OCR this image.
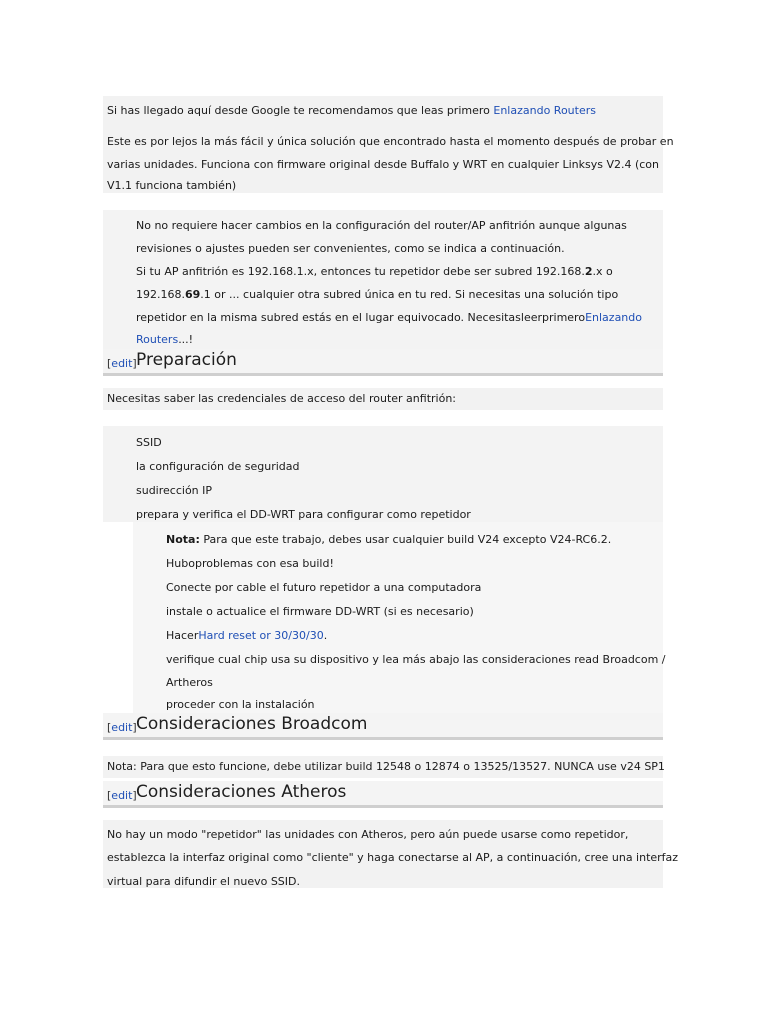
Si has llegado aquí desde Google te recomendamos que leas primero Enlazando Routers

Este es por lejos la más fácil y única solución que encontrado hasta el momento después de probar en

varias unidades. Funciona con firmware original desde Buffalo y WRT en cualquier Linksys V2.4 (con

V1.1 funciona también)

No no requiere hacer cambios en la configuración del router/AP anfitrión aunque algunas

revisiones o ajustes pueden ser convenientes, como se indica a continuación.

Si tu AP anfitrión es 192.168.1.x, entonces tu repetidor debe ser subred 192.168.2.x o

192.168.69.1 or ... cualquier otra subred única en tu red. Si necesitas una solución tipo

repetidor en la misma subred estás en el lugar equivocado. NecesitasleerprimeroEnlazando

Routers...!

[edit] Preparación

Necesitas saber las credenciales de acceso del router anfitrión:

SSID

la configuración de seguridad

sudirección IP

prepara y verifica el DD-WRT para configurar como repetidor

Nota: Para que este trabajo, debes usar cualquier build V24 excepto V24-RC6.2.

Huboproblemas con esa build!

Conecte por cable el futuro repetidor a una computadora

instale o actualice el firmware DD-WRT (si es necesario)

HacerHard reset or 30/30/30.

verifique cual chip usa su dispositivo y lea más abajo las consideraciones read Broadcom /

Artheros

proceder con la instalación

[edit] Consideraciones Broadcom

Nota: Para que esto funcione, debe utilizar build 12548 o 12874 o 13525/13527. NUNCA use v24 SP1

[edit] Consideraciones Atheros

No hay un modo "repetidor" las unidades con Atheros, pero aún puede usarse como repetidor,

establezca la interfaz original como "cliente" y haga conectarse al AP, a continuación, cree una interfaz

virtual para difundir el nuevo SSID.
